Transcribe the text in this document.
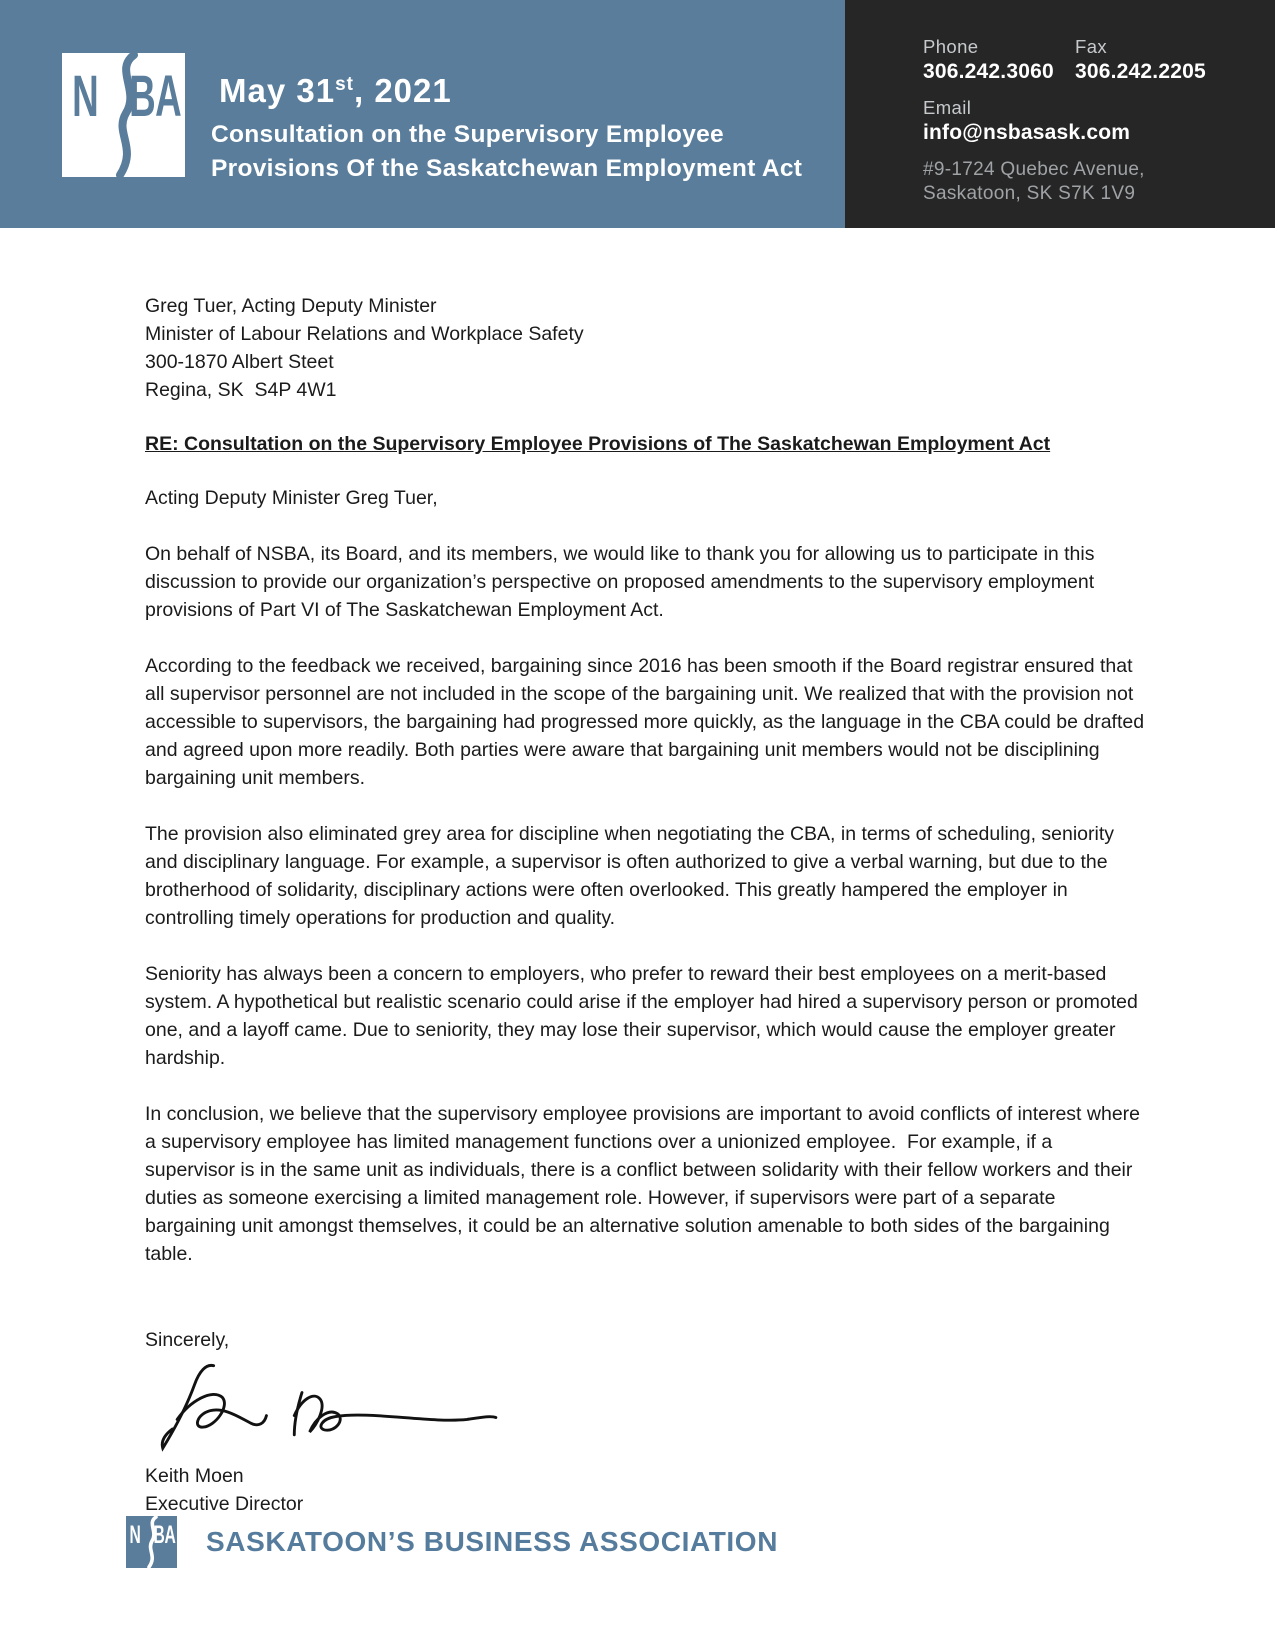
N B A May 31st, 2021
Consultation on the Supervisory Employee
Provisions Of the Saskatchewan Employment Act
Phone
306.242.3060
Fax
306.242.2205
Email
info@nsbasask.com
#9-1724 Quebec Avenue,
Saskatoon, SK S7K 1V9
Greg Tuer, Acting Deputy Minister
Minister of Labour Relations and Workplace Safety
300-1870 Albert Steet
Regina, SK  S4P 4W1
RE: Consultation on the Supervisory Employee Provisions of The Saskatchewan Employment Act
Acting Deputy Minister Greg Tuer,
On behalf of NSBA, its Board, and its members, we would like to thank you for allowing us to participate in this discussion to provide our organization’s perspective on proposed amendments to the supervisory employment provisions of Part VI of The Saskatchewan Employment Act.
According to the feedback we received, bargaining since 2016 has been smooth if the Board registrar ensured that all supervisor personnel are not included in the scope of the bargaining unit. We realized that with the provision not accessible to supervisors, the bargaining had progressed more quickly, as the language in the CBA could be drafted and agreed upon more readily. Both parties were aware that bargaining unit members would not be disciplining bargaining unit members.
The provision also eliminated grey area for discipline when negotiating the CBA, in terms of scheduling, seniority and disciplinary language. For example, a supervisor is often authorized to give a verbal warning, but due to the brotherhood of solidarity, disciplinary actions were often overlooked. This greatly hampered the employer in controlling timely operations for production and quality.
Seniority has always been a concern to employers, who prefer to reward their best employees on a merit-based system. A hypothetical but realistic scenario could arise if the employer had hired a supervisory person or promoted one, and a layoff came. Due to seniority, they may lose their supervisor, which would cause the employer greater hardship.
In conclusion, we believe that the supervisory employee provisions are important to avoid conflicts of interest where a supervisory employee has limited management functions over a unionized employee.  For example, if a supervisor is in the same unit as individuals, there is a conflict between solidarity with their fellow workers and their duties as someone exercising a limited management role. However, if supervisors were part of a separate bargaining unit amongst themselves, it could be an alternative solution amenable to both sides of the bargaining table.
Sincerely,
Keith Moen
Executive Director
N B A SASKATOON’S BUSINESS ASSOCIATION
